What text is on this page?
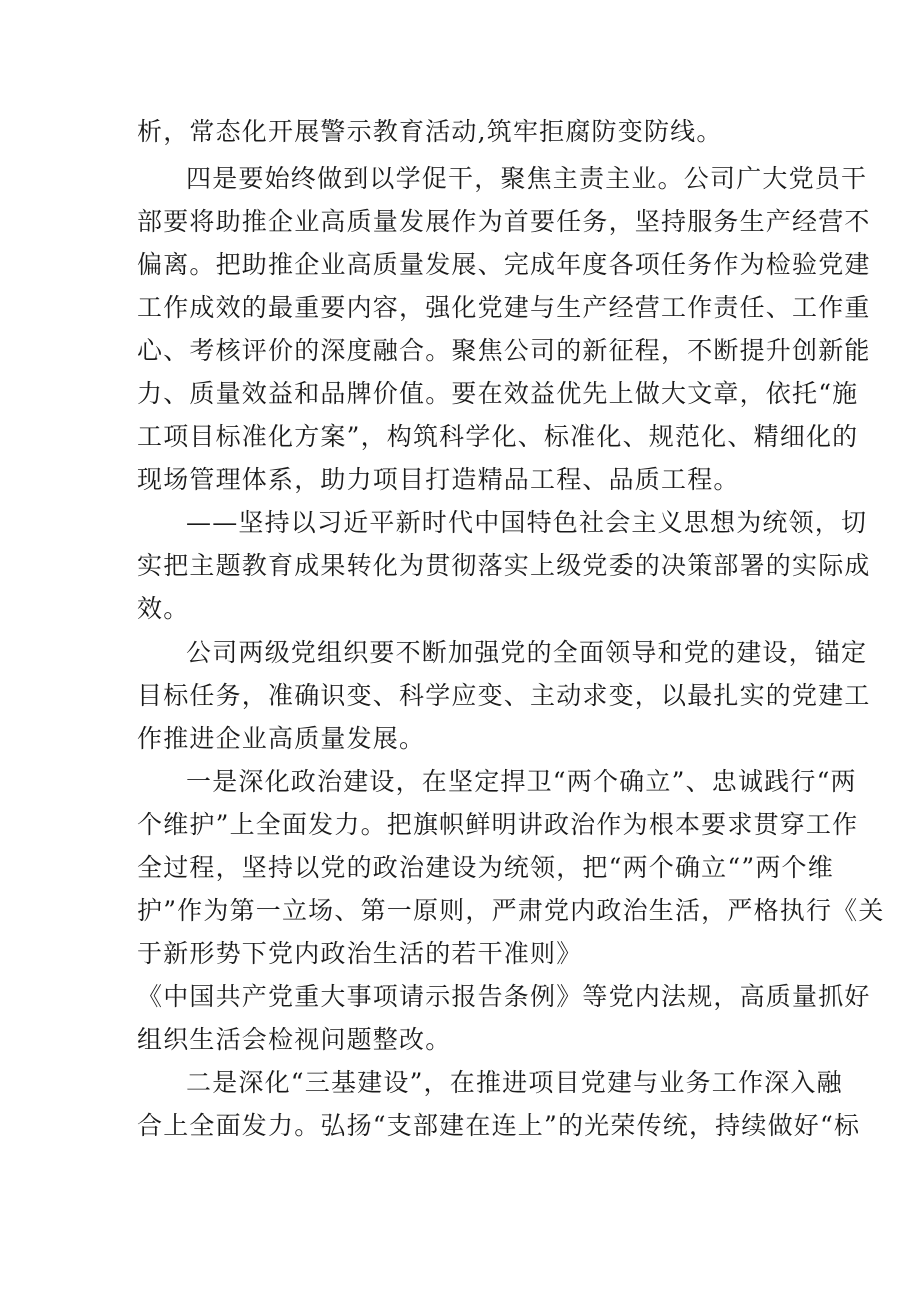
析，常态化开展警示教育活动,筑牢拒腐防变防线。
四是要始终做到以学促干，聚焦主责主业。公司广大党员干
部要将助推企业高质量发展作为首要任务，坚持服务生产经营不
偏离。把助推企业高质量发展、完成年度各项任务作为检验党建
工作成效的最重要内容，强化党建与生产经营工作责任、工作重
心、考核评价的深度融合。聚焦公司的新征程，不断提升创新能
力、质量效益和品牌价值。要在效益优先上做大文章，依托“施
工项目标准化方案”，构筑科学化、标准化、规范化、精细化的
现场管理体系，助力项目打造精品工程、品质工程。
——坚持以习近平新时代中国特色社会主义思想为统领，切
实把主题教育成果转化为贯彻落实上级党委的决策部署的实际成
效。
公司两级党组织要不断加强党的全面领导和党的建设，锚定
目标任务，准确识变、科学应变、主动求变，以最扎实的党建工
作推进企业高质量发展。
一是深化政治建设，在坚定捍卫“两个确立”、忠诚践行“两
个维护”上全面发力。把旗帜鲜明讲政治作为根本要求贯穿工作
全过程，坚持以党的政治建设为统领，把“两个确立“”两个维
护”作为第一立场、第一原则，严肃党内政治生活，严格执行《关
于新形势下党内政治生活的若干准则》
《中国共产党重大事项请示报告条例》等党内法规，高质量抓好
组织生活会检视问题整改。
二是深化“三基建设”，在推进项目党建与业务工作深入融
合上全面发力。弘扬“支部建在连上”的光荣传统，持续做好“标
